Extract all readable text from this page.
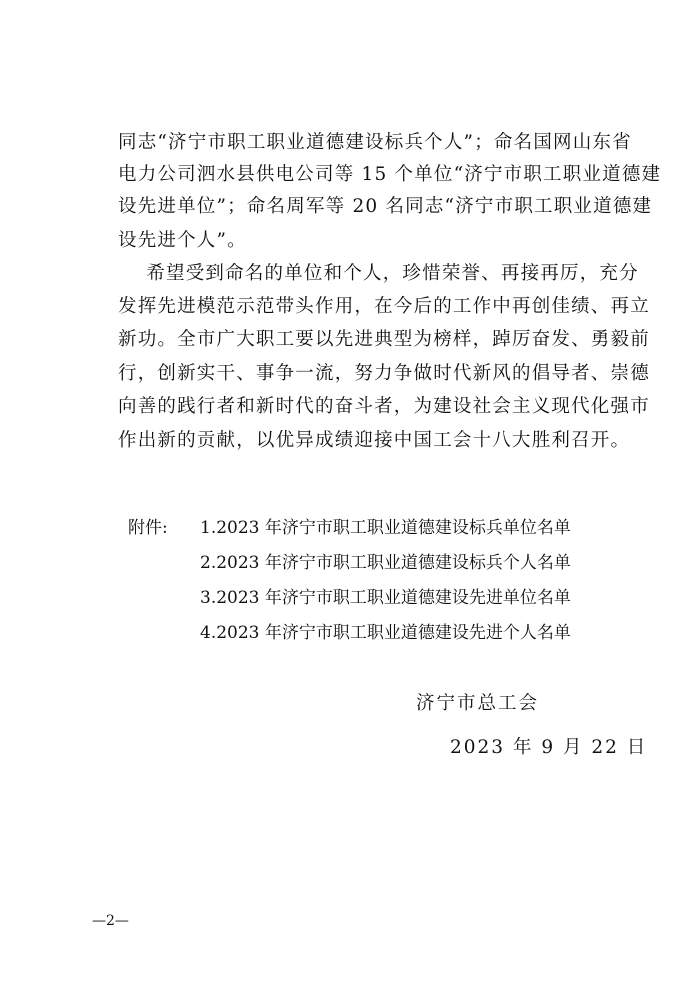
同志“济宁市职工职业道德建设标兵个人”；命名国网山东省
电力公司泗水县供电公司等 15 个单位“济宁市职工职业道德建
设先进单位”；命名周军等 20 名同志“济宁市职工职业道德建
设先进个人”。
希望受到命名的单位和个人，珍惜荣誉、再接再厉，充分
发挥先进模范示范带头作用，在今后的工作中再创佳绩、再立
新功。全市广大职工要以先进典型为榜样，踔厉奋发、勇毅前
行，创新实干、事争一流，努力争做时代新风的倡导者、崇德
向善的践行者和新时代的奋斗者，为建设社会主义现代化强市
作出新的贡献，以优异成绩迎接中国工会十八大胜利召开。
附件: 1.2023 年济宁市职工职业道德建设标兵单位名单
2.2023 年济宁市职工职业道德建设标兵个人名单
3.2023 年济宁市职工职业道德建设先进单位名单
4.2023 年济宁市职工职业道德建设先进个人名单
济宁市总工会
2023 年 9 月 22 日
—2—
